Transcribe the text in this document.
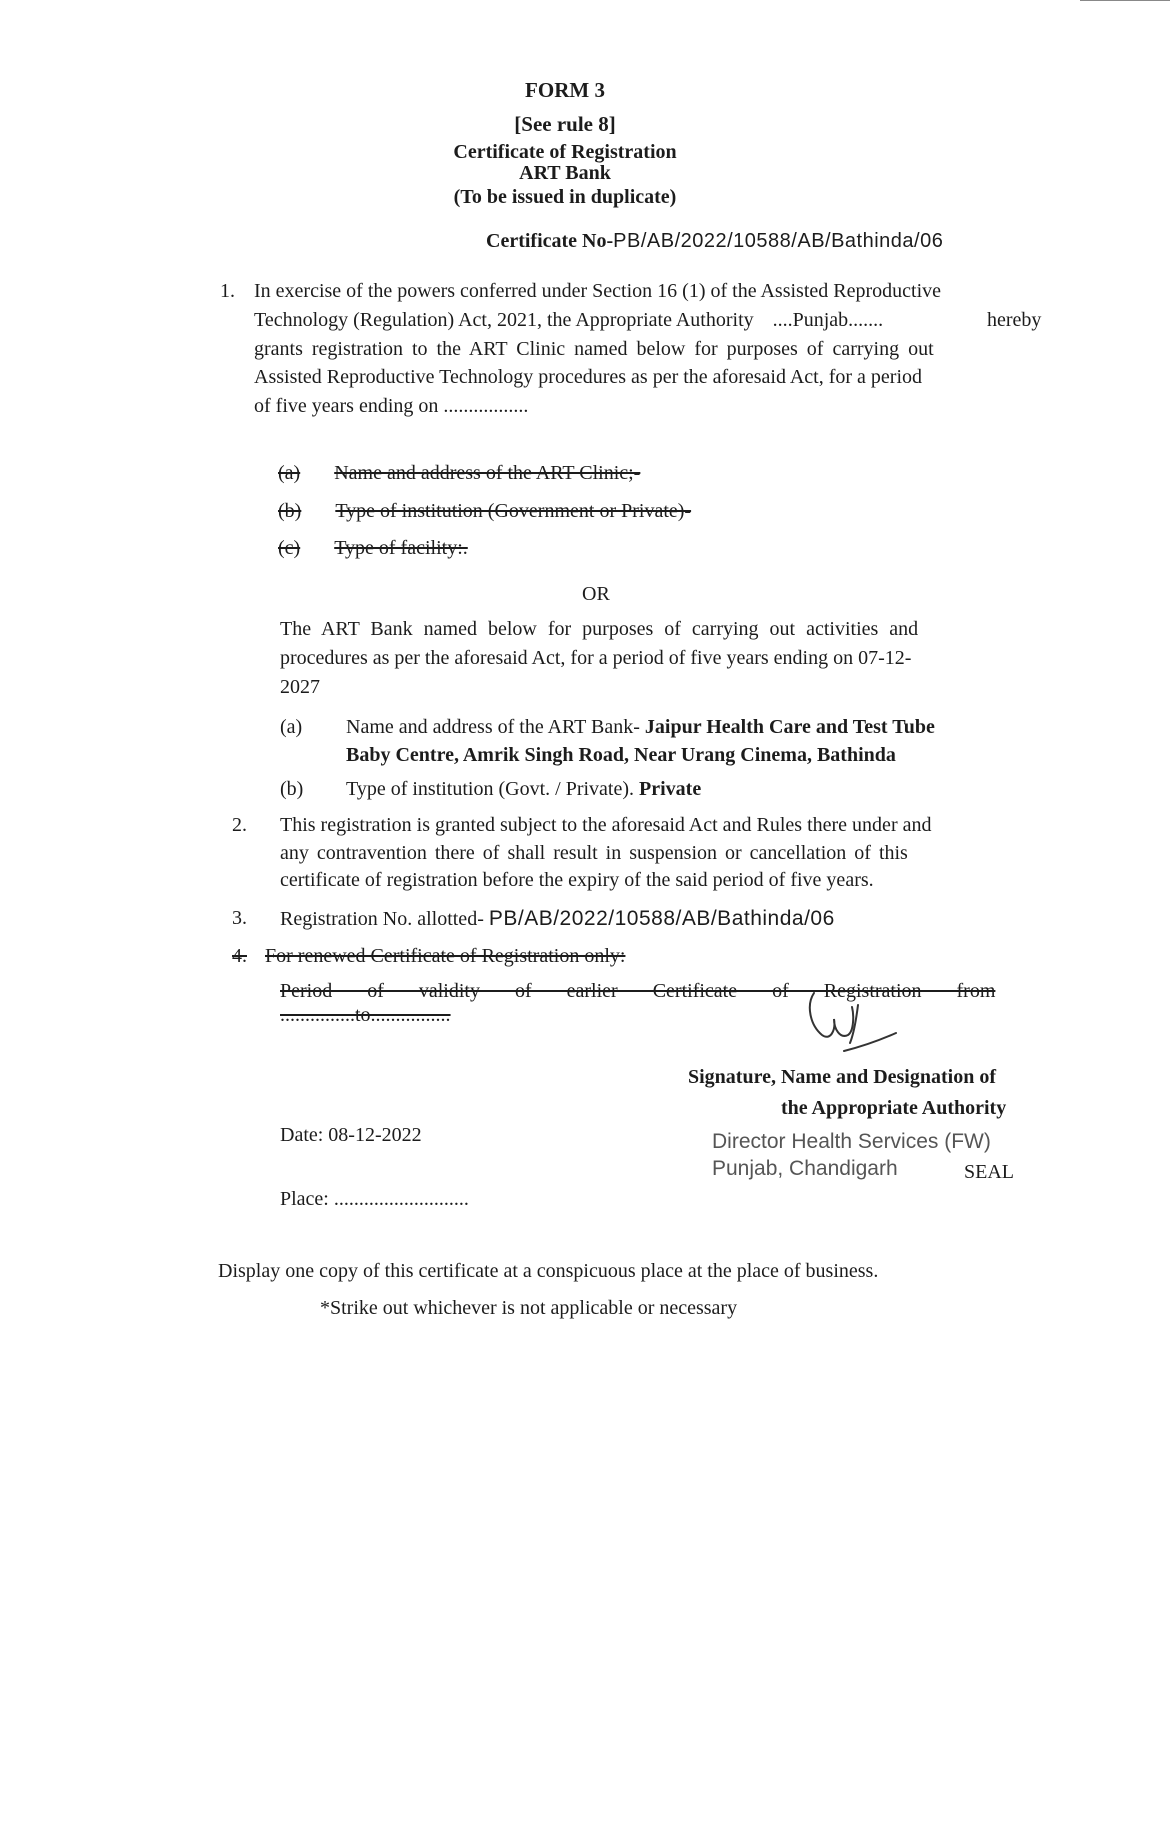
FORM 3
[See rule 8]
Certificate of Registration
ART Bank
(To be issued in duplicate)
Certificate No-PB/AB/2022/10588/AB/Bathinda/06
1. In exercise of the powers conferred under Section 16 (1) of the Assisted Reproductive
Technology (Regulation) Act, 2021, the Appropriate Authority ....Punjab.......	hereby
grants registration to the ART Clinic named below for purposes of carrying out
Assisted Reproductive Technology procedures as per the aforesaid Act, for a period
of five years ending on .................
(a) Name and address of the ART Clinic;-
(b) Type of institution (Government or Private)-
(c) Type of facility:.
OR
The ART Bank named below for purposes of carrying out activities and
procedures as per the aforesaid Act, for a period of five years ending on 07-12-
2027
(a) Name and address of the ART Bank- Jaipur Health Care and Test Tube
Baby Centre, Amrik Singh Road, Near Urang Cinema, Bathinda
(b) Type of institution (Govt. / Private). Private
2. This registration is granted subject to the aforesaid Act and Rules there under and
any contravention there of shall result in suspension or cancellation of this
certificate of registration before the expiry of the said period of five years.
3. Registration No. allotted- PB/AB/2022/10588/AB/Bathinda/06
4. For renewed Certificate of Registration only:
Period of validity of earlier Certificate of Registration from
...............to................
Signature, Name and Designation of
the Appropriate Authority
Date: 08-12-2022	Director Health Services (FW)
Punjab, Chandigarh	SEAL
Place: ...........................
Display one copy of this certificate at a conspicuous place at the place of business.
*Strike out whichever is not applicable or necessary
